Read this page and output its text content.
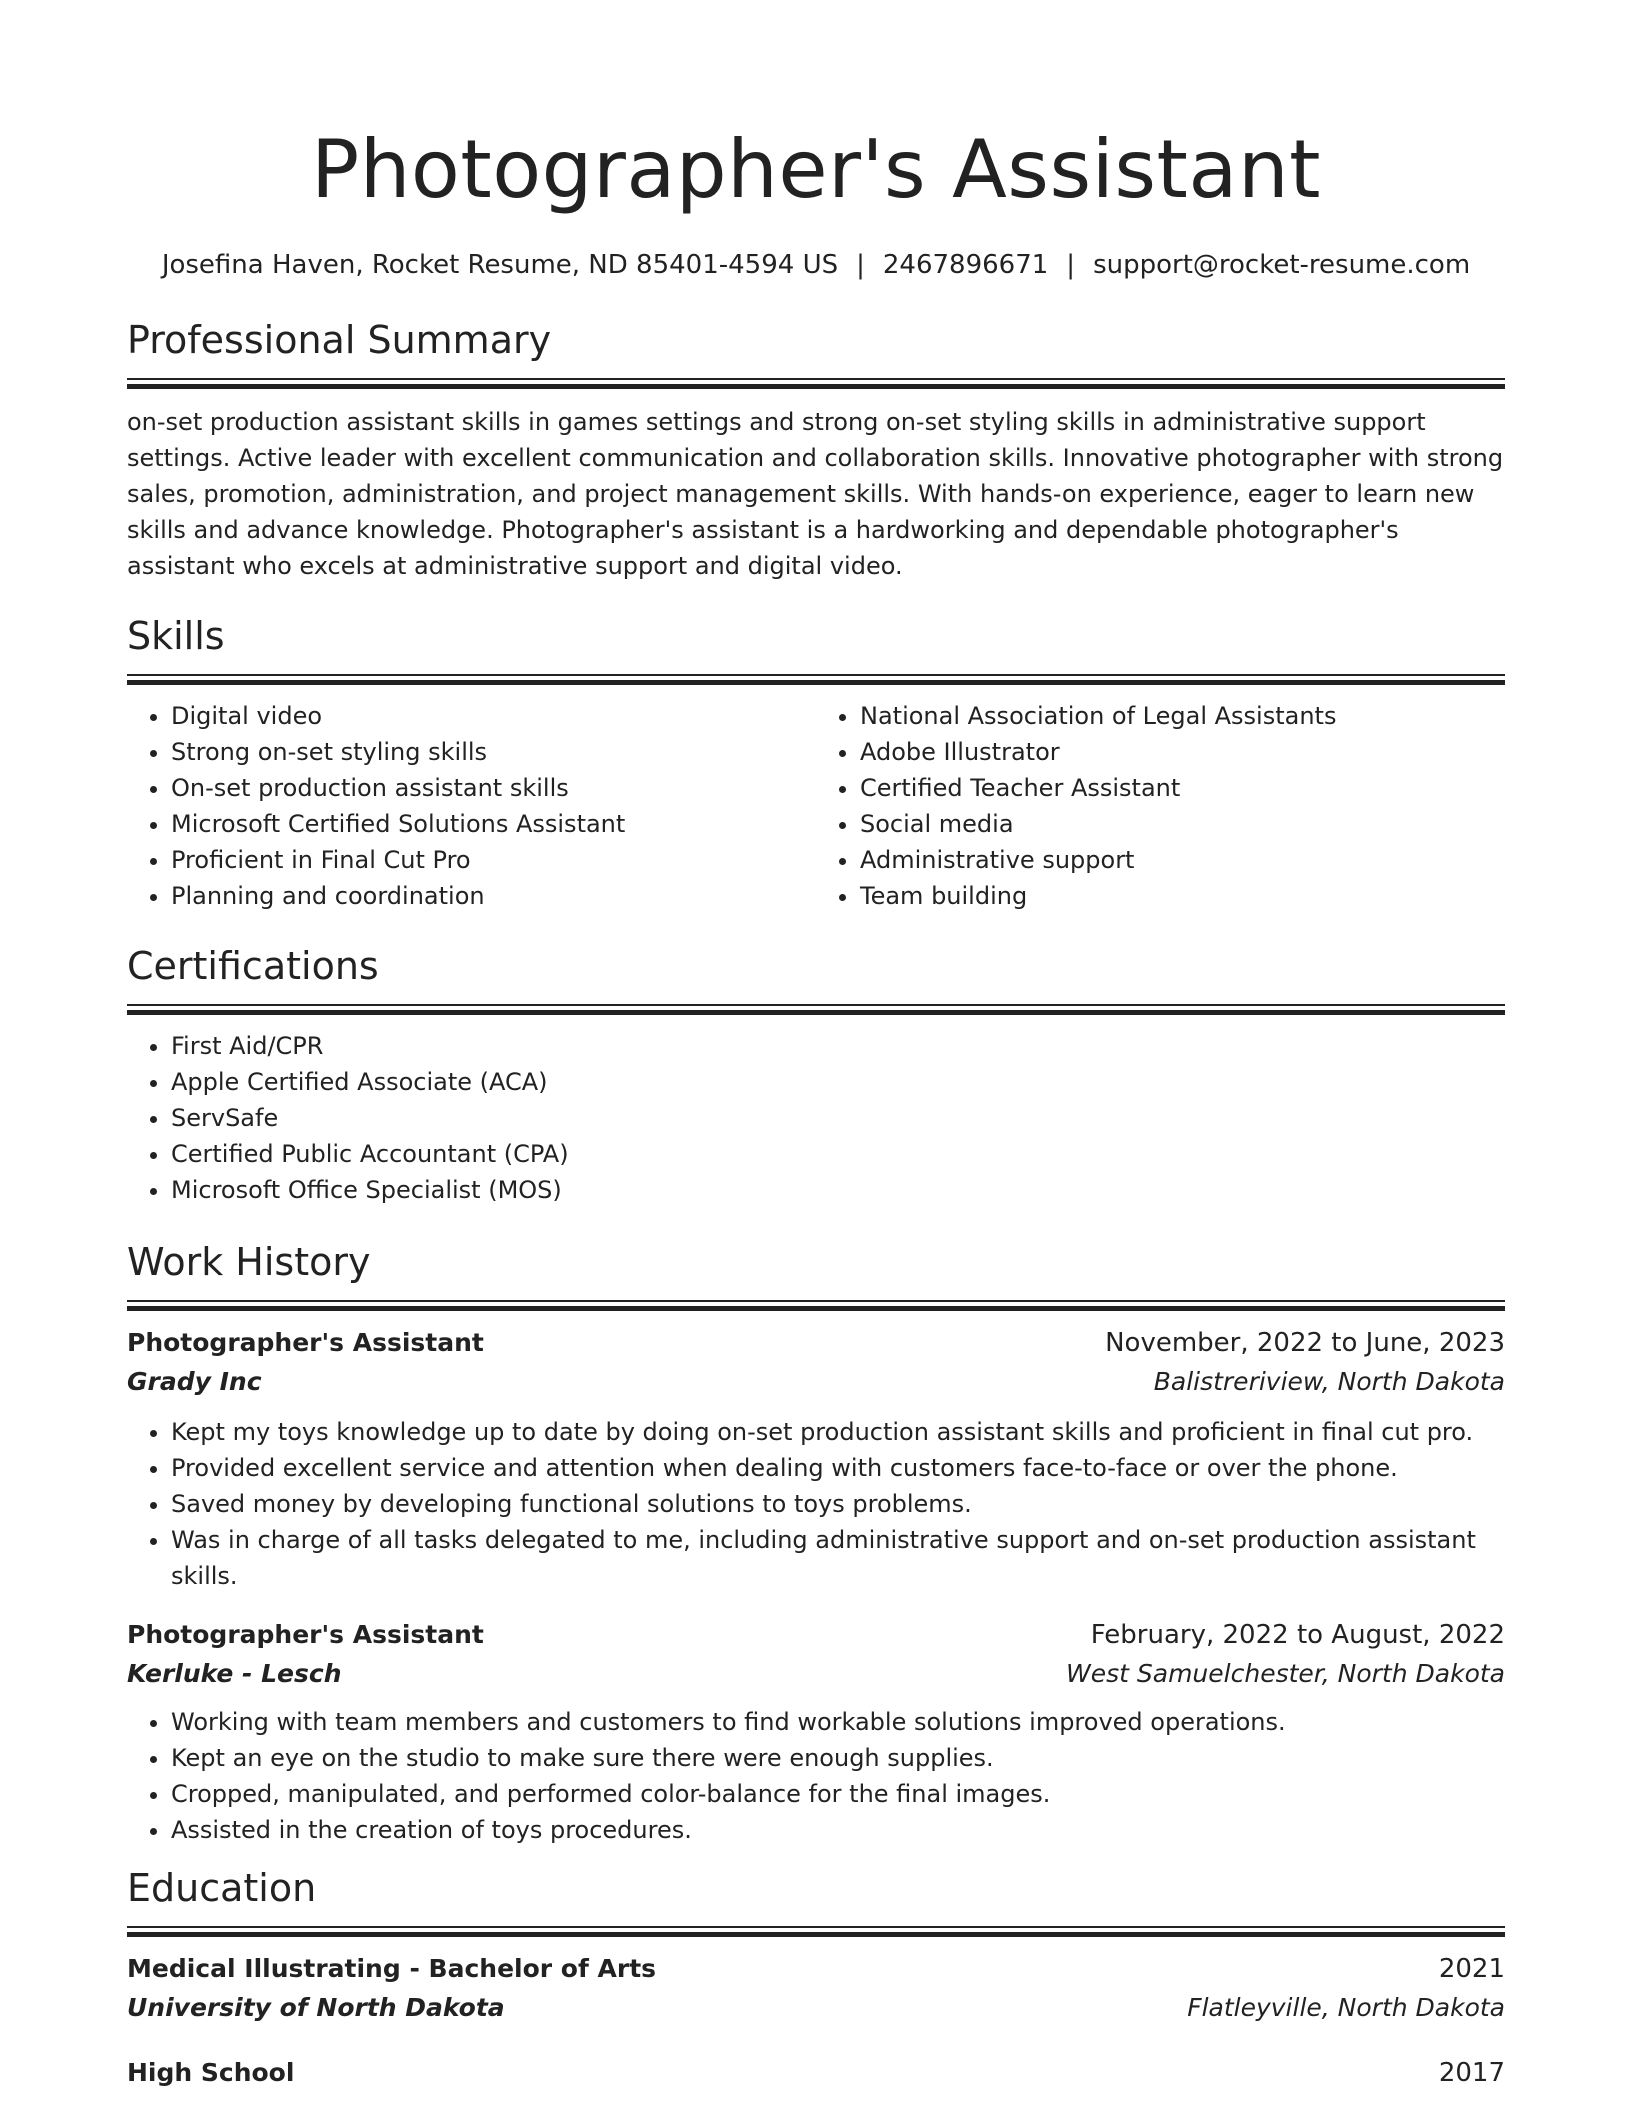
Photographer's Assistant
Josefina Haven, Rocket Resume, ND 85401-4594 US | 2467896671 | support@rocket-resume.com
Professional Summary

on-set production assistant skills in games settings and strong on-set styling skills in administrative support settings. Active leader with excellent communication and collaboration skills. Innovative photographer with strong sales, promotion, administration, and project management skills. With hands-on experience, eager to learn new skills and advance knowledge. Photographer's assistant is a hardworking and dependable photographer's assistant who excels at administrative support and digital video.

Skills
• Digital video
• Strong on-set styling skills
• On-set production assistant skills
• Microsoft Certified Solutions Assistant
• Proficient in Final Cut Pro
• Planning and coordination
• National Association of Legal Assistants
• Adobe Illustrator
• Certified Teacher Assistant
• Social media
• Administrative support
• Team building
Certifications
• First Aid/CPR
• Apple Certified Associate (ACA)
• ServSafe
• Certified Public Accountant (CPA)
• Microsoft Office Specialist (MOS)
Work History
Photographer's Assistant	November, 2022 to June, 2023
Grady Inc	Balistreriview, North Dakota
• Kept my toys knowledge up to date by doing on-set production assistant skills and proficient in final cut pro.
• Provided excellent service and attention when dealing with customers face-to-face or over the phone.
• Saved money by developing functional solutions to toys problems.
• Was in charge of all tasks delegated to me, including administrative support and on-set production assistant skills.
Photographer's Assistant	February, 2022 to August, 2022
Kerluke - Lesch	West Samuelchester, North Dakota
• Working with team members and customers to find workable solutions improved operations.
• Kept an eye on the studio to make sure there were enough supplies.
• Cropped, manipulated, and performed color-balance for the final images.
• Assisted in the creation of toys procedures.
Education
Medical Illustrating - Bachelor of Arts	2021
University of North Dakota	Flatleyville, North Dakota
High School	2017
